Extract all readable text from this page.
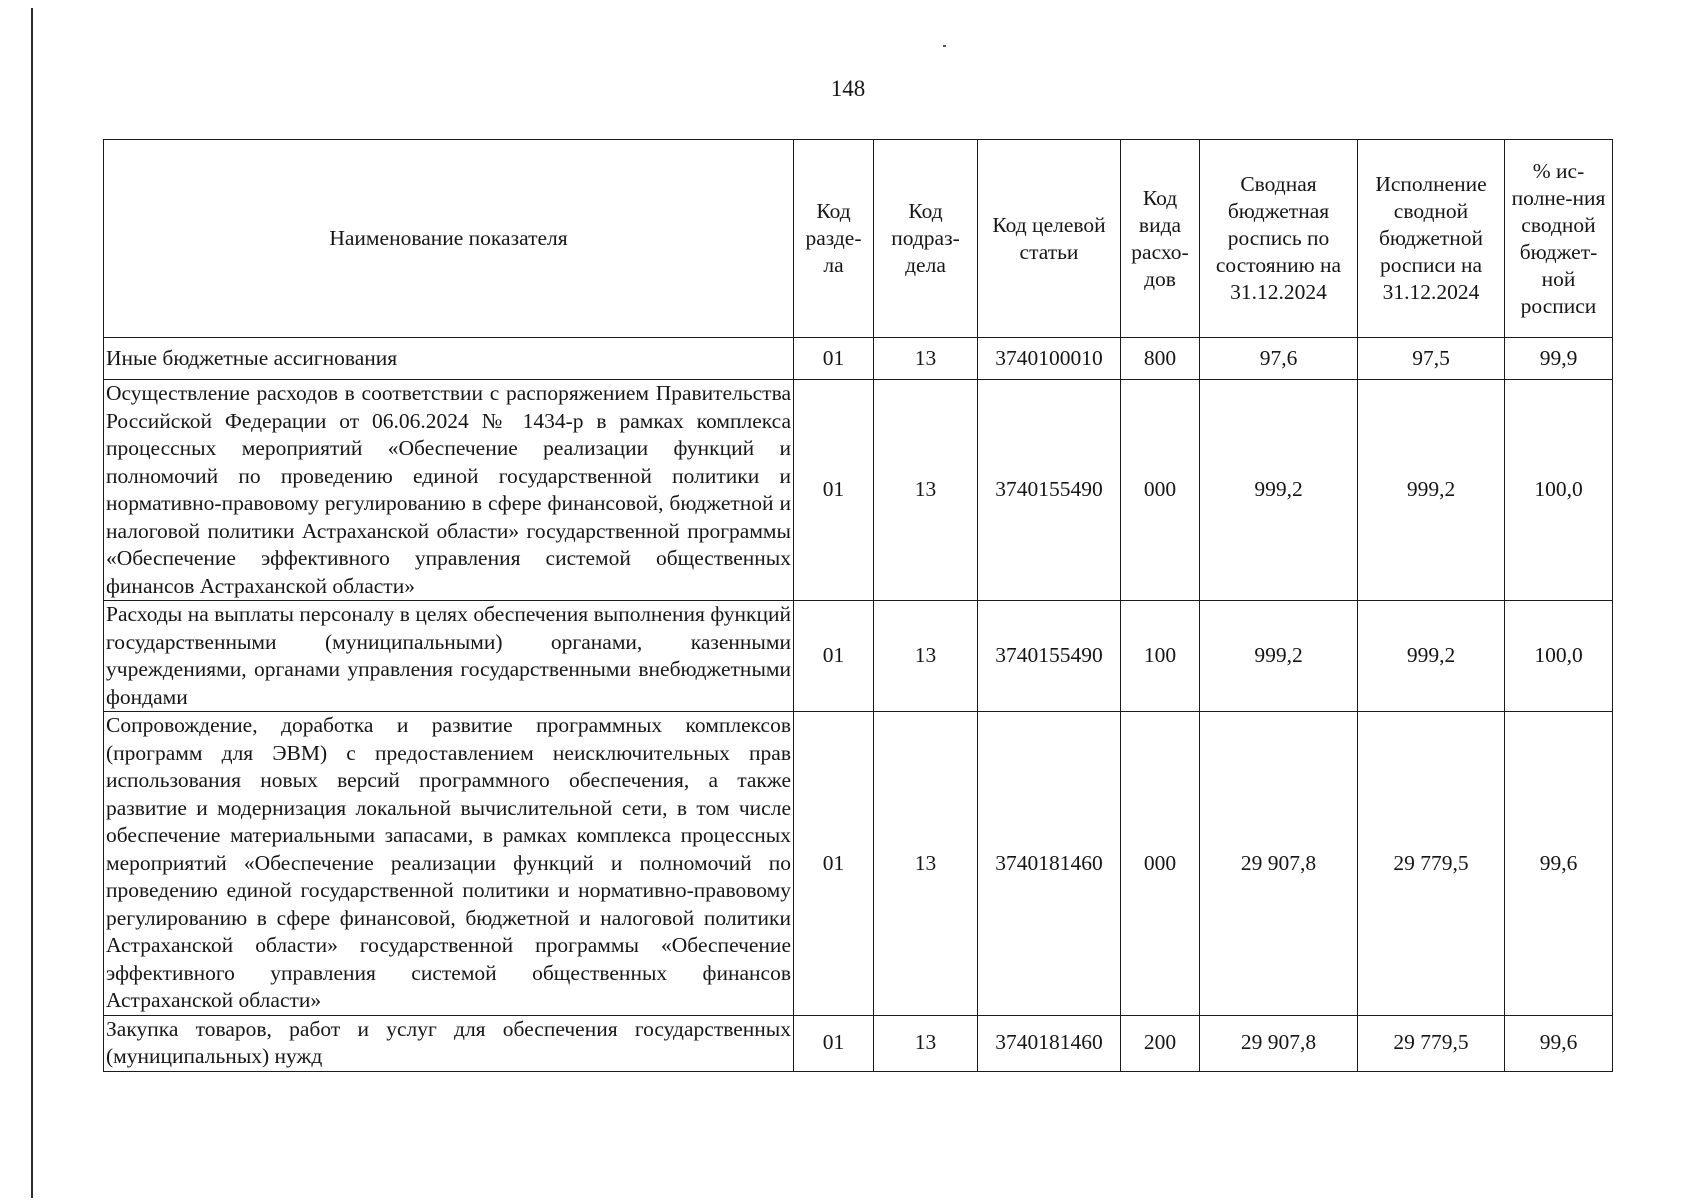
148
Наименование показателя	Код разде-ла	Код подраз-дела	Код целевой статьи	Код вида расхо-дов	Сводная бюджетная роспись по состоянию на 31.12.2024	Исполнение сводной бюджетной росписи на 31.12.2024	% ис-полне-ния сводной бюджет-ной росписи
Иные бюджетные ассигнования	01	13	3740100010	800	97,6	97,5	99,9
Осуществление расходов в соответствии с распоряжением Правительства Российской Федерации от 06.06.2024 № 1434-р в рамках комплекса процессных мероприятий «Обеспечение реализации функций и полномочий по проведению единой государственной политики и нормативно-правовому регулированию в сфере финансовой, бюджетной и налоговой политики Астраханской области» государственной программы «Обеспечение эффективного управления системой общественных финансов Астраханской области»	01	13	3740155490	000	999,2	999,2	100,0
Расходы на выплаты персоналу в целях обеспечения выполнения функций государственными (муниципальными) органами, казенными учреждениями, органами управления государственными внебюджетными фондами	01	13	3740155490	100	999,2	999,2	100,0
Сопровождение, доработка и развитие программных комплексов (программ для ЭВМ) с предоставлением неисключительных прав использования новых версий программного обеспечения, а также развитие и модернизация локальной вычислительной сети, в том числе обеспечение материальными запасами, в рамках комплекса процессных мероприятий «Обеспечение реализации функций и полномочий по проведению единой государственной политики и нормативно-правовому регулированию в сфере финансовой, бюджетной и налоговой политики Астраханской области» государственной программы «Обеспечение эффективного управления системой общественных финансов Астраханской области»	01	13	3740181460	000	29 907,8	29 779,5	99,6
Закупка товаров, работ и услуг для обеспечения государственных (муниципальных) нужд	01	13	3740181460	200	29 907,8	29 779,5	99,6
